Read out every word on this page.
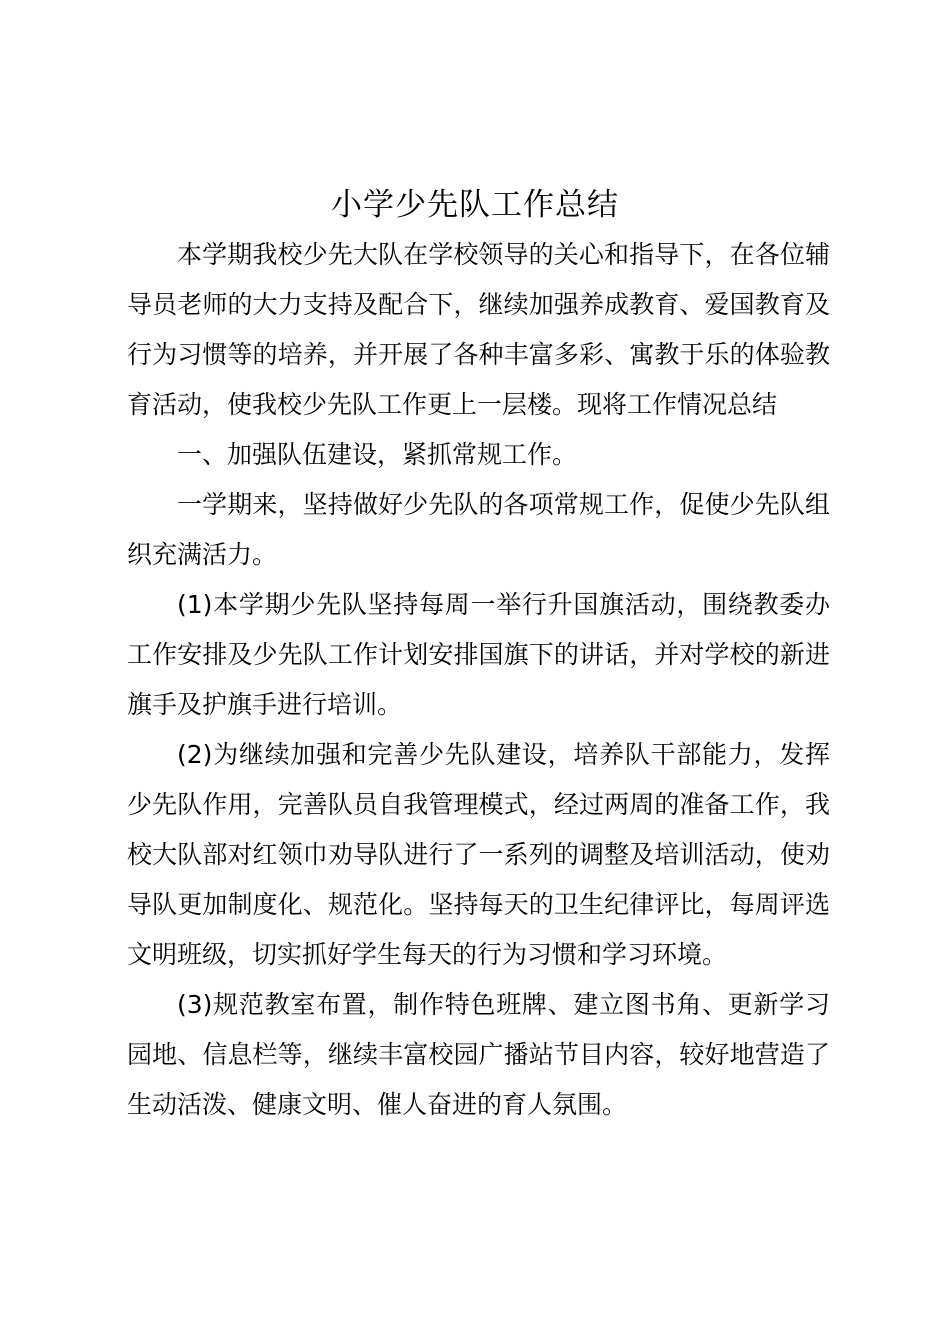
小学少先队工作总结

本学期我校少先大队在学校领导的关心和指导下，在各位辅导员老师的大力支持及配合下，继续加强养成教育、爱国教育及行为习惯等的培养，并开展了各种丰富多彩、寓教于乐的体验教育活动，使我校少先队工作更上一层楼。现将工作情况总结

一、加强队伍建设，紧抓常规工作。

一学期来，坚持做好少先队的各项常规工作，促使少先队组织充满活力。

(1)本学期少先队坚持每周一举行升国旗活动，围绕教委办工作安排及少先队工作计划安排国旗下的讲话，并对学校的新进旗手及护旗手进行培训。

(2)为继续加强和完善少先队建设，培养队干部能力，发挥少先队作用，完善队员自我管理模式，经过两周的准备工作，我校大队部对红领巾劝导队进行了一系列的调整及培训活动，使劝导队更加制度化、规范化。坚持每天的卫生纪律评比，每周评选文明班级，切实抓好学生每天的行为习惯和学习环境。

(3)规范教室布置，制作特色班牌、建立图书角、更新学习园地、信息栏等，继续丰富校园广播站节目内容，较好地营造了生动活泼、健康文明、催人奋进的育人氛围。
